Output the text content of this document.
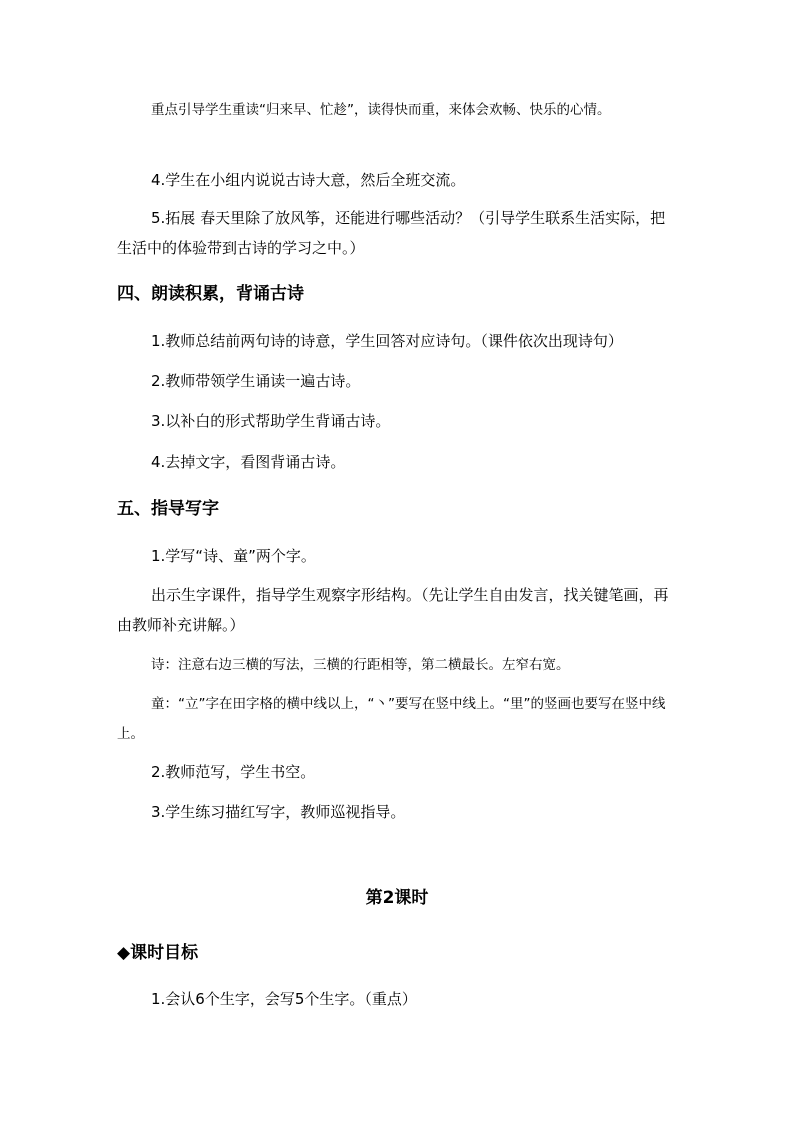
重点引导学生重读“归来早、忙趁”，读得快而重，来体会欢畅、快乐的心情。
4.学生在小组内说说古诗大意，然后全班交流。
5.拓展 春天里除了放风筝，还能进行哪些活动？（引导学生联系生活实际，把生活中的体验带到古诗的学习之中。）
四、朗读积累，背诵古诗
1.教师总结前两句诗的诗意，学生回答对应诗句。（课件依次出现诗句）
2.教师带领学生诵读一遍古诗。
3.以补白的形式帮助学生背诵古诗。
4.去掉文字，看图背诵古诗。
五、指导写字
1.学写“诗、童”两个字。
出示生字课件，指导学生观察字形结构。（先让学生自由发言，找关键笔画，再由教师补充讲解。）
诗：注意右边三横的写法，三横的行距相等，第二横最长。左窄右宽。
童：“立”字在田字格的横中线以上，“丶”要写在竖中线上。“里”的竖画也要写在竖中线上。
2.教师范写，学生书空。
3.学生练习描红写字，教师巡视指导。
第2课时
◆课时目标
1.会认6个生字，会写5个生字。（重点）
